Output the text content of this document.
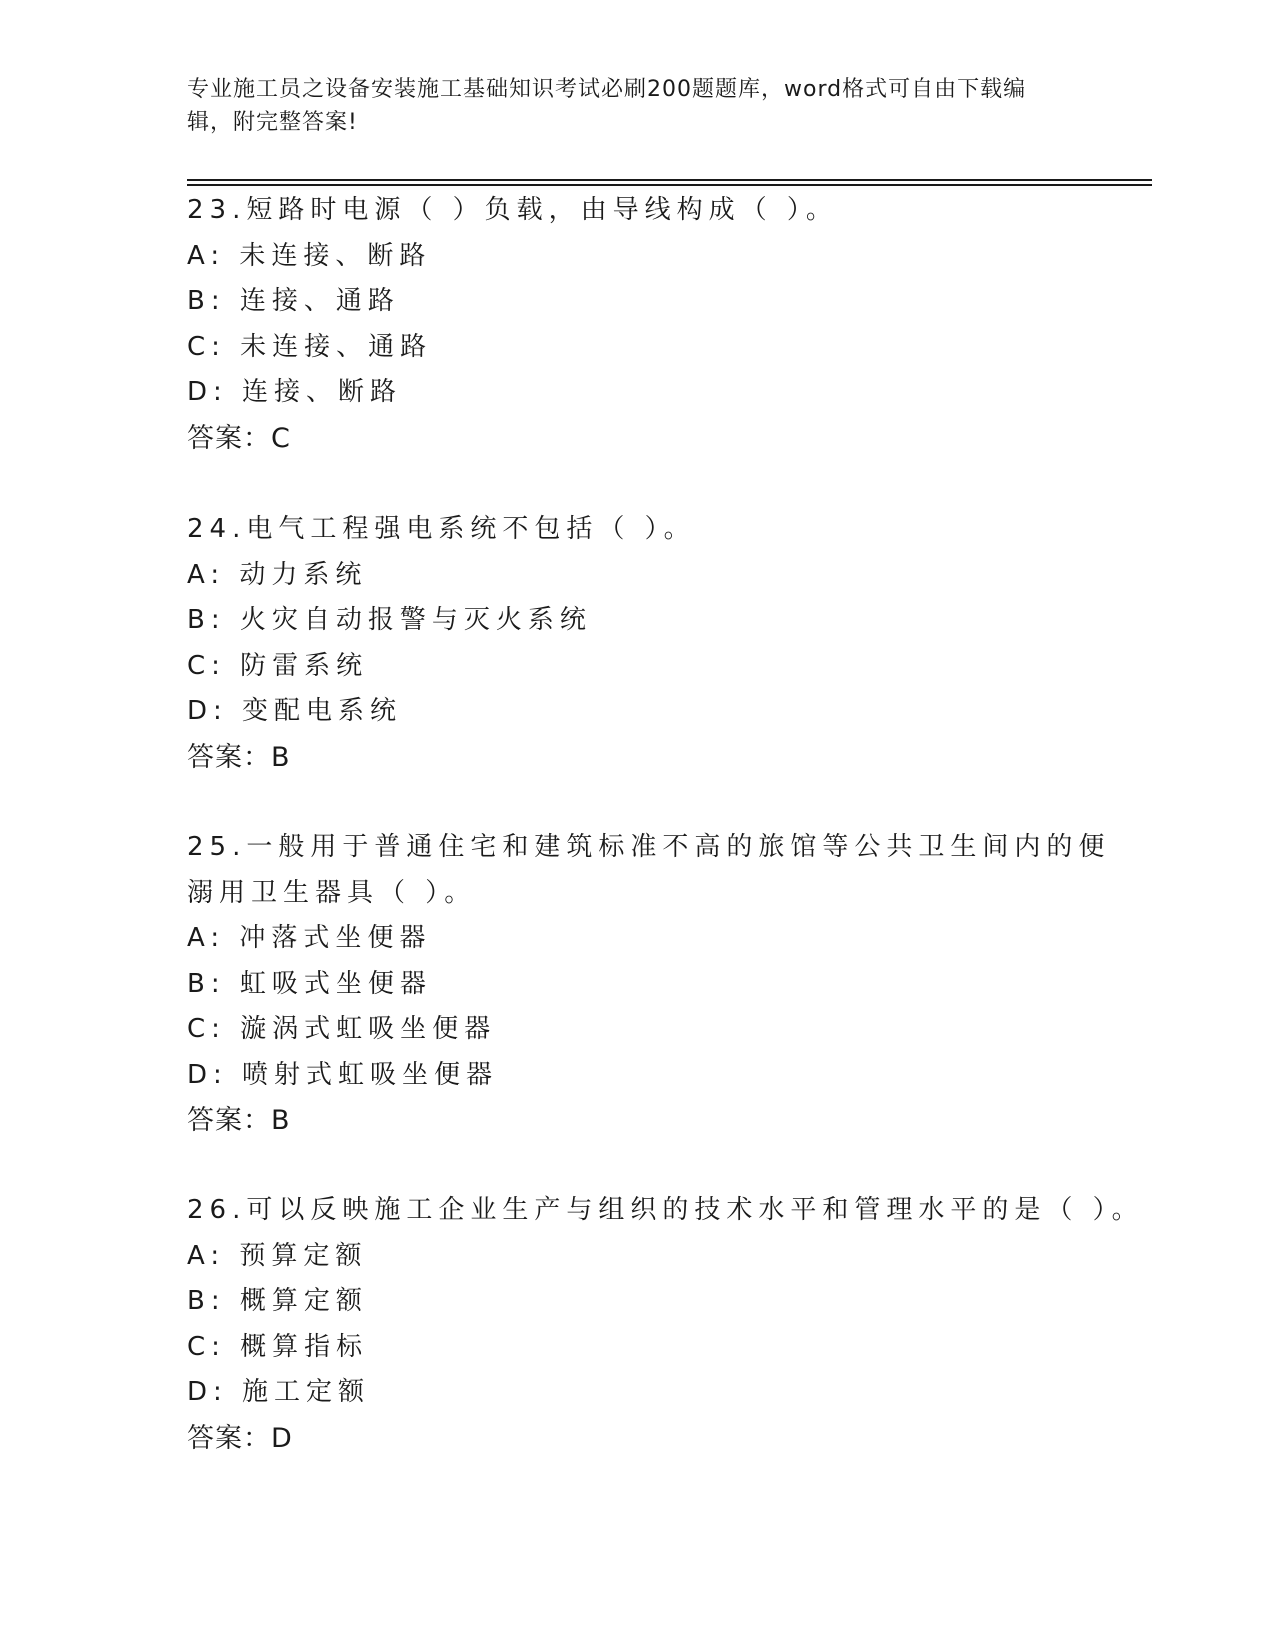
专业施工员之设备安装施工基础知识考试必刷200题题库，word格式可自由下载编辑，附完整答案!
23.短路时电源（ ）负载，由导线构成（ ）。
A: 未连接、断路
B: 连接、通路
C: 未连接、通路
D: 连接、断路
答案：C
24.电气工程强电系统不包括（ ）。
A: 动力系统
B: 火灾自动报警与灭火系统
C: 防雷系统
D: 变配电系统
答案：B
25.一般用于普通住宅和建筑标准不高的旅馆等公共卫生间内的便溺用卫生器具（ ）。
A: 冲落式坐便器
B: 虹吸式坐便器
C: 漩涡式虹吸坐便器
D: 喷射式虹吸坐便器
答案：B
26.可以反映施工企业生产与组织的技术水平和管理水平的是（ ）。
A: 预算定额
B: 概算定额
C: 概算指标
D: 施工定额
答案：D
